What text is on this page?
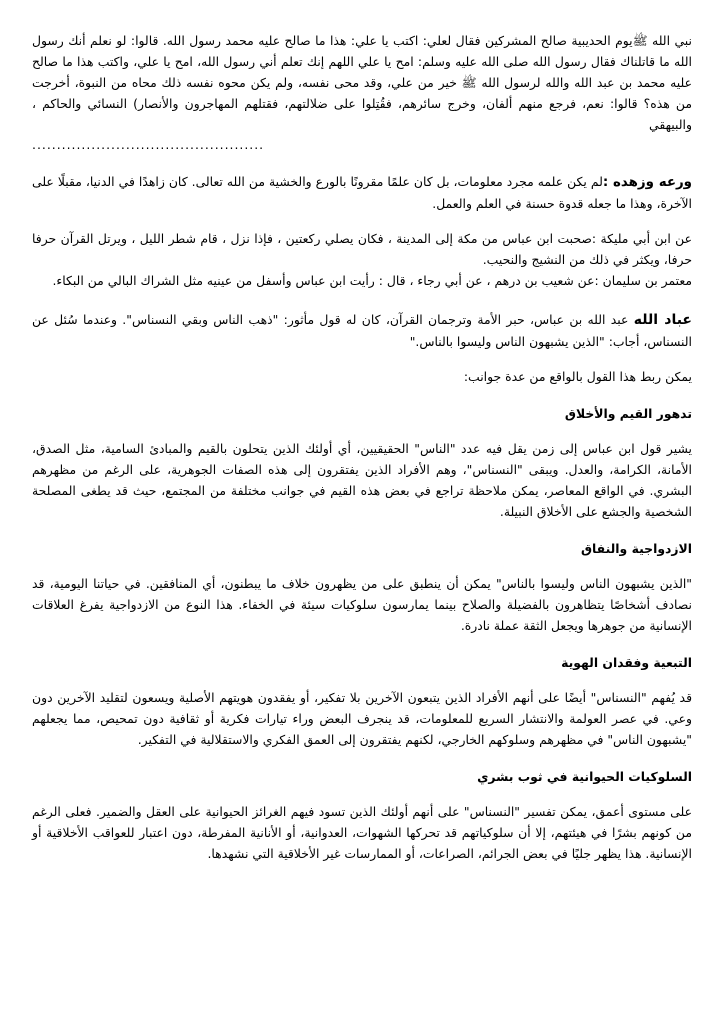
نبي الله ﷺيوم الحديبية صالح المشركين فقال لعلي: اكتب يا علي: هذا ما صالح عليه محمد رسول الله. قالوا: لو نعلم أنك رسول الله ما قاتلناك فقال رسول الله صلى الله عليه وسلم: امح يا علي اللهم إنك تعلم أني رسول الله، امح يا علي، واكتب هذا ما صالح عليه محمد بن عبد الله والله لرسول الله ﷺ خير من علي، وقد محى نفسه، ولم يكن محوه نفسه ذلك محاه من النبوة، أخرجت من هذه؟ قالوا: نعم، فرجع منهم ألفان، وخرج سائرهم، فقُتِلوا على ضلالتهم، فقتلهم المهاجرون والأنصار) النسائي والحاكم ، والبيهقي

...............................................

ورعه وزهده :لم يكن علمه مجرد معلومات، بل كان علمًا مقرونًا بالورع والخشية من الله تعالى. كان زاهدًا في الدنيا، مقبلًا على الآخرة، وهذا ما جعله قدوة حسنة في العلم والعمل.

عن ابن أبي مليكة :صحبت ابن عباس من مكة إلى المدينة ، فكان يصلي ركعتين ، فإذا نزل ، قام شطر الليل ، ويرتل القرآن حرفا حرفا، ويكثر في ذلك من النشيج والنحيب.

معتمر بن سليمان :عن شعيب بن درهم ، عن أبي رجاء ، قال : رأيت ابن عباس وأسفل من عينيه مثل الشراك البالي من البكاء.

عباد الله عبد الله بن عباس، حبر الأمة وترجمان القرآن، كان له قول مأثور: "ذهب الناس وبقي النسناس". وعندما سُئل عن النسناس، أجاب: "الذين يشبهون الناس وليسوا بالناس."

يمكن ربط هذا القول بالواقع من عدة جوانب:

تدهور القيم والأخلاق

يشير قول ابن عباس إلى زمن يقل فيه عدد "الناس" الحقيقيين، أي أولئك الذين يتحلون بالقيم والمبادئ السامية، مثل الصدق، الأمانة، الكرامة، والعدل. ويبقى "النسناس"، وهم الأفراد الذين يفتقرون إلى هذه الصفات الجوهرية، على الرغم من مظهرهم البشري. في الواقع المعاصر، يمكن ملاحظة تراجع في بعض هذه القيم في جوانب مختلفة من المجتمع، حيث قد يطغى المصلحة الشخصية والجشع على الأخلاق النبيلة.

الازدواجية والنفاق

"الذين يشبهون الناس وليسوا بالناس" يمكن أن ينطبق على من يظهرون خلاف ما يبطنون، أي المنافقين. في حياتنا اليومية، قد نصادف أشخاصًا يتظاهرون بالفضيلة والصلاح بينما يمارسون سلوكيات سيئة في الخفاء. هذا النوع من الازدواجية يفرغ العلاقات الإنسانية من جوهرها ويجعل الثقة عملة نادرة.

التبعية وفقدان الهوية

قد يُفهم "النسناس" أيضًا على أنهم الأفراد الذين يتبعون الآخرين بلا تفكير، أو يفقدون هويتهم الأصلية ويسعون لتقليد الآخرين دون وعي. في عصر العولمة والانتشار السريع للمعلومات، قد ينجرف البعض وراء تيارات فكرية أو ثقافية دون تمحيص، مما يجعلهم "يشبهون الناس" في مظهرهم وسلوكهم الخارجي، لكنهم يفتقرون إلى العمق الفكري والاستقلالية في التفكير.

السلوكيات الحيوانية في ثوب بشري

على مستوى أعمق، يمكن تفسير "النسناس" على أنهم أولئك الذين تسود فيهم الغرائز الحيوانية على العقل والضمير. فعلى الرغم من كونهم بشرًا في هيئتهم، إلا أن سلوكياتهم قد تحركها الشهوات، العدوانية، أو الأنانية المفرطة، دون اعتبار للعواقب الأخلاقية أو الإنسانية. هذا يظهر جليًا في بعض الجرائم، الصراعات، أو الممارسات غير الأخلاقية التي نشهدها.
